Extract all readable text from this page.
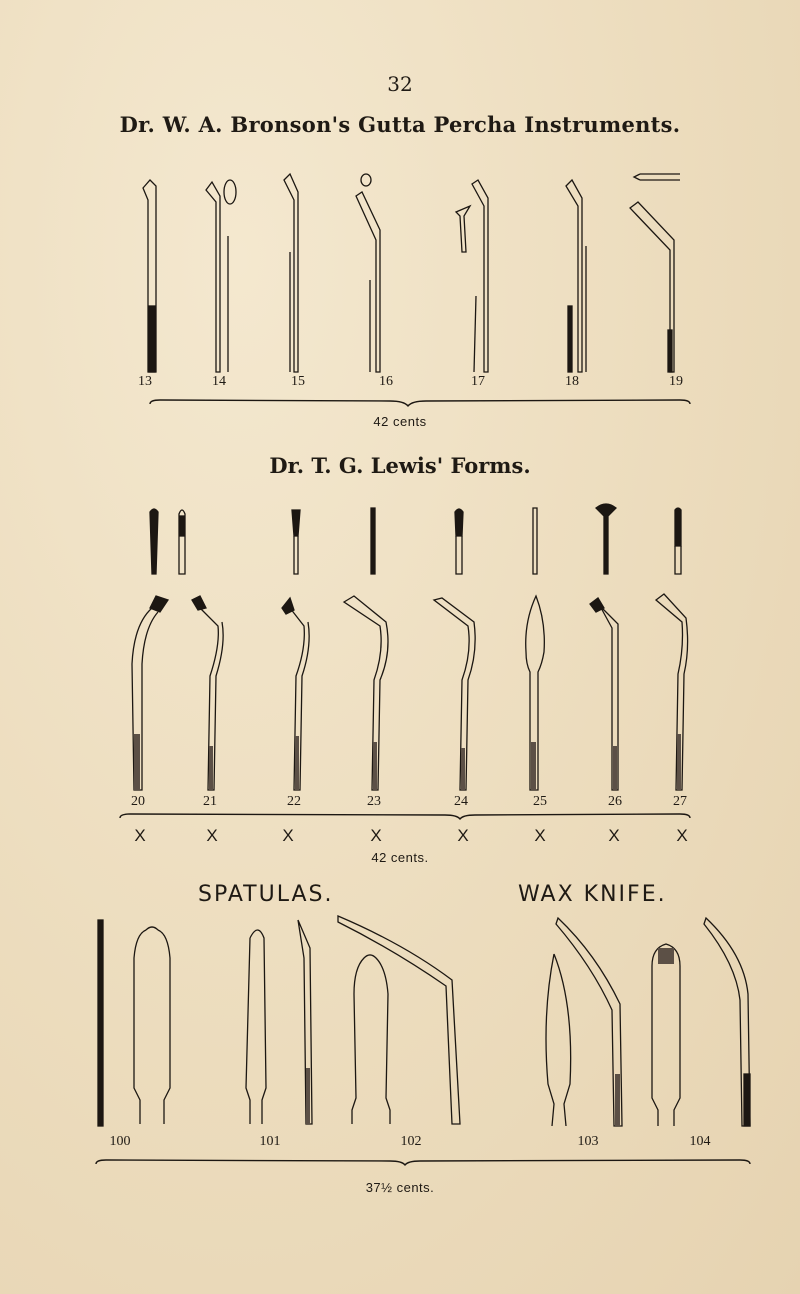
32
Dr. W. A. Bronson's Gutta Percha Instruments.
13	14	15	16	17	18	19
42 cents
Dr. T. G. Lewis' Forms.
20	21	22	23	24	25	26	27
X	X	X	X	X	X	X	X
42 cents.
SPATULAS.	WAX KNIFE.
100	101	102	103	104
37½ cents.
